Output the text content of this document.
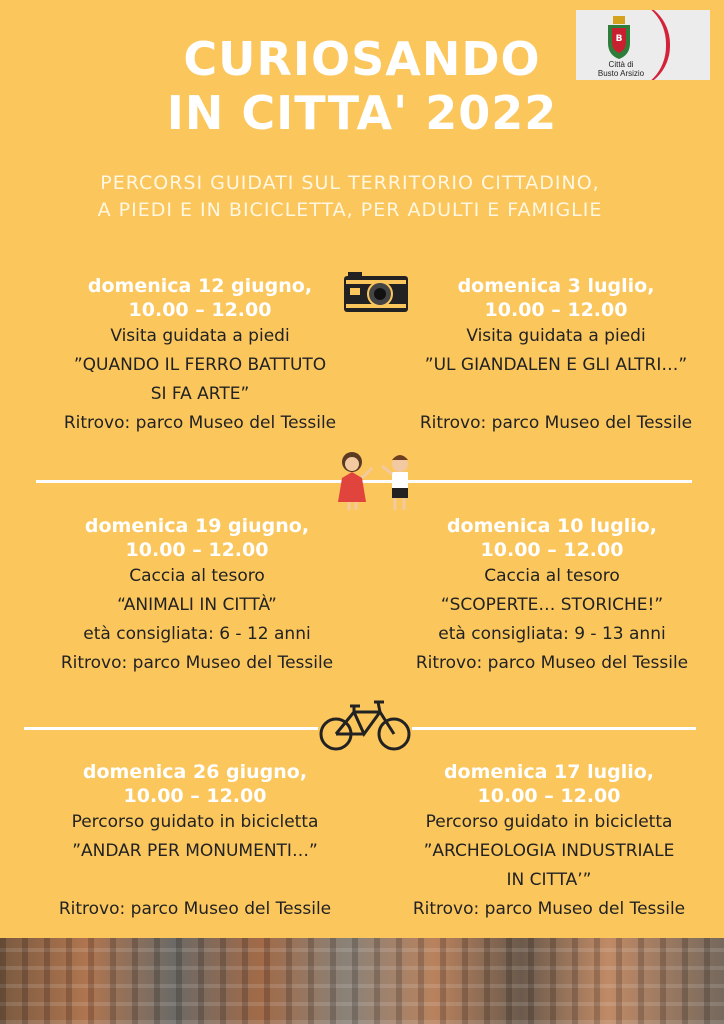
B
Città di
Busto Arsizio
CURIOSANDO
IN CITTA' 2022
PERCORSI GUIDATI SUL TERRITORIO CITTADINO,
A PIEDI E IN BICICLETTA, PER ADULTI E FAMIGLIE
domenica 12 giugno,
10.00 – 12.00
Visita guidata a piedi
”QUANDO IL FERRO BATTUTO
SI FA ARTE”
Ritrovo: parco Museo del Tessile
domenica 3 luglio,
10.00 – 12.00
Visita guidata a piedi
”UL GIANDALEN E GLI ALTRI…”
Ritrovo: parco Museo del Tessile
domenica 19 giugno,
10.00 – 12.00
Caccia al tesoro
“ANIMALI IN CITTÀ”
età consigliata: 6 - 12 anni
Ritrovo: parco Museo del Tessile
domenica 10 luglio,
10.00 – 12.00
Caccia al tesoro
“SCOPERTE… STORICHE!”
età consigliata: 9 - 13 anni
Ritrovo: parco Museo del Tessile
domenica 26 giugno,
10.00 – 12.00
Percorso guidato in bicicletta
”ANDAR PER MONUMENTI…”
Ritrovo: parco Museo del Tessile
domenica 17 luglio,
10.00 – 12.00
Percorso guidato in bicicletta
”ARCHEOLOGIA INDUSTRIALE
IN CITTA’”
Ritrovo: parco Museo del Tessile
